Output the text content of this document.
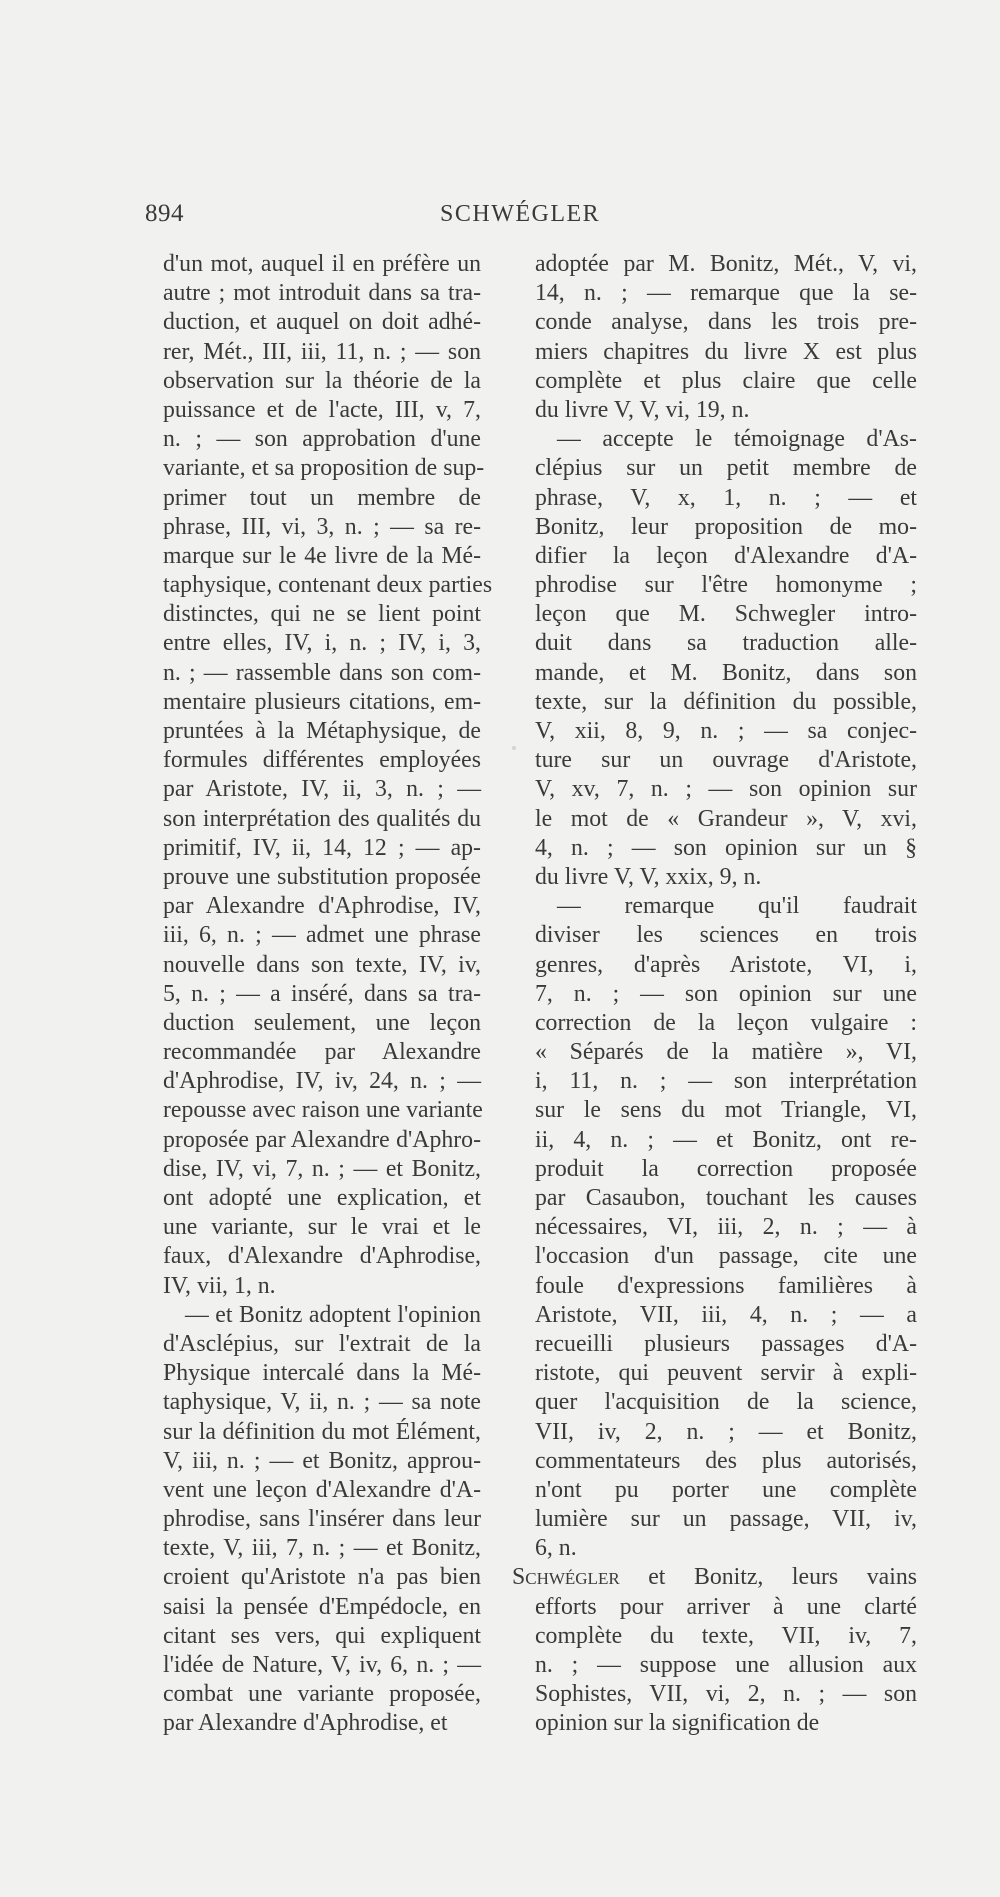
894	SCHWÉGLER
d'un mot, auquel il en préfère un
autre ; mot introduit dans sa tra-
duction, et auquel on doit adhé-
rer, Mét., III, iii, 11, n. ; — son
observation sur la théorie de la
puissance et de l'acte, III, v, 7,
n. ; — son approbation d'une
variante, et sa proposition de sup-
primer tout un membre de
phrase, III, vi, 3, n. ; — sa re-
marque sur le 4e livre de la Mé-
taphysique, contenant deux parties
distinctes, qui ne se lient point
entre elles, IV, i, n. ; IV, i, 3,
n. ; — rassemble dans son com-
mentaire plusieurs citations, em-
pruntées à la Métaphysique, de
formules différentes employées
par Aristote, IV, ii, 3, n. ; —
son interprétation des qualités du
primitif, IV, ii, 14, 12 ; — ap-
prouve une substitution proposée
par Alexandre d'Aphrodise, IV,
iii, 6, n. ; — admet une phrase
nouvelle dans son texte, IV, iv,
5, n. ; — a inséré, dans sa tra-
duction seulement, une leçon
recommandée par Alexandre
d'Aphrodise, IV, iv, 24, n. ; —
repousse avec raison une variante
proposée par Alexandre d'Aphro-
dise, IV, vi, 7, n. ; — et Bonitz,
ont adopté une explication, et
une variante, sur le vrai et le
faux, d'Alexandre d'Aphrodise,
IV, vii, 1, n.
— et Bonitz adoptent l'opinion
d'Asclépius, sur l'extrait de la
Physique intercalé dans la Mé-
taphysique, V, ii, n. ; — sa note
sur la définition du mot Élément,
V, iii, n. ; — et Bonitz, approu-
vent une leçon d'Alexandre d'A-
phrodise, sans l'insérer dans leur
texte, V, iii, 7, n. ; — et Bonitz,
croient qu'Aristote n'a pas bien
saisi la pensée d'Empédocle, en
citant ses vers, qui expliquent
l'idée de Nature, V, iv, 6, n. ; —
combat une variante proposée,
par Alexandre d'Aphrodise, et
adoptée par M. Bonitz, Mét., V, vi,
14, n. ; — remarque que la se-
conde analyse, dans les trois pre-
miers chapitres du livre X est plus
complète et plus claire que celle
du livre V, V, vi, 19, n.
— accepte le témoignage d'As-
clépius sur un petit membre de
phrase, V, x, 1, n. ; — et
Bonitz, leur proposition de mo-
difier la leçon d'Alexandre d'A-
phrodise sur l'être homonyme ;
leçon que M. Schwegler intro-
duit dans sa traduction alle-
mande, et M. Bonitz, dans son
texte, sur la définition du possible,
V, xii, 8, 9, n. ; — sa conjec-
ture sur un ouvrage d'Aristote,
V, xv, 7, n. ; — son opinion sur
le mot de « Grandeur », V, xvi,
4, n. ; — son opinion sur un §
du livre V, V, xxix, 9, n.
— remarque qu'il faudrait
diviser les sciences en trois
genres, d'après Aristote, VI, i,
7, n. ; — son opinion sur une
correction de la leçon vulgaire :
« Séparés de la matière », VI,
i, 11, n. ; — son interprétation
sur le sens du mot Triangle, VI,
ii, 4, n. ; — et Bonitz, ont re-
produit la correction proposée
par Casaubon, touchant les causes
nécessaires, VI, iii, 2, n. ; — à
l'occasion d'un passage, cite une
foule d'expressions familières à
Aristote, VII, iii, 4, n. ; — a
recueilli plusieurs passages d'A-
ristote, qui peuvent servir à expli-
quer l'acquisition de la science,
VII, iv, 2, n. ; — et Bonitz,
commentateurs des plus autorisés,
n'ont pu porter une complète
lumière sur un passage, VII, iv,
6, n.
Schwégler et Bonitz, leurs vains
efforts pour arriver à une clarté
complète du texte, VII, iv, 7,
n. ; — suppose une allusion aux
Sophistes, VII, vi, 2, n. ; — son
opinion sur la signification de
